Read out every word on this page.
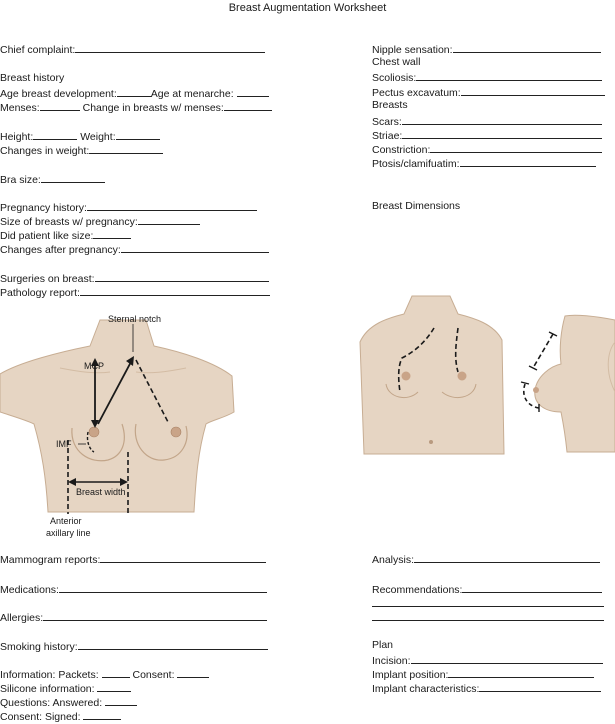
Breast Augmentation Worksheet
Chief complaint:
Breast history
Age breast development:	Age at menarche:
Menses:	Change in breasts w/ menses:
Height:	Weight:
Changes in weight:
Bra size:
Pregnancy history:
Size of breasts w/ pregnancy:
Did patient like size:
Changes after pregnancy:
Surgeries on breast:
Pathology report:
Sternal notch
MCP
IMF
Breast width
Anterior
axillary line
Mammogram reports:
Medications:
Allergies:
Smoking history:
Information: Packets:	Consent:
Silicone information:
Questions: Answered:
Consent: Signed:
Nipple sensation:
Chest wall
Scoliosis:
Pectus excavatum:
Breasts
Scars:
Striae:
Constriction:
Ptosis/clamifuatim:
Breast Dimensions
Analysis:
Recommendations:
Plan
Incision:
Implant position:
Implant characteristics:
